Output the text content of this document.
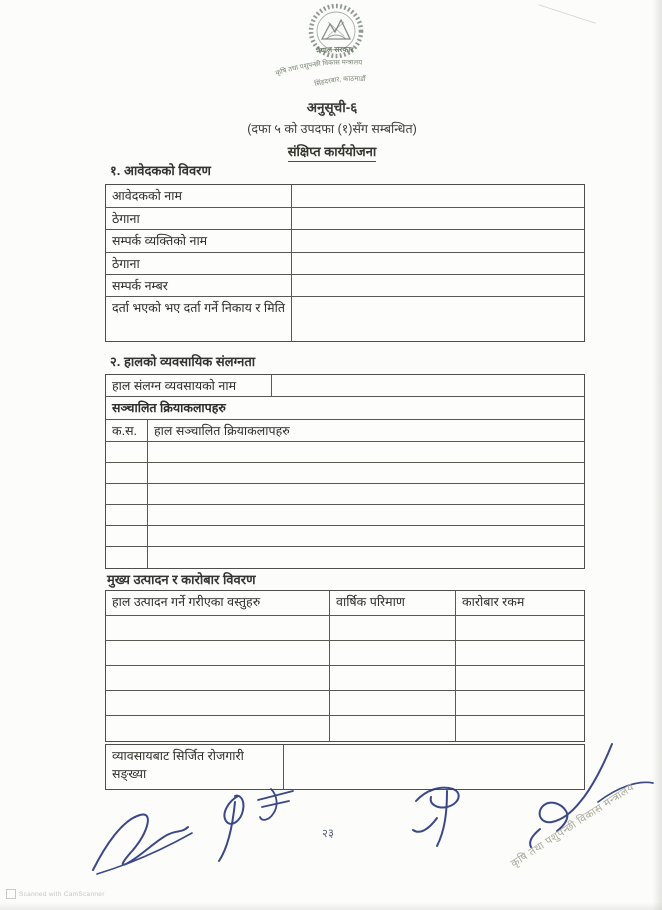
नेपाल सरकार
कृषि तथा पशुपन्छी विकास मन्त्रालय
सिंहदरबार, काठमाडौं
अनुसूची-६
(दफा ५ को उपदफा (१)सँग सम्बन्धित)
संक्षिप्त कार्ययोजना
१. आवेदकको विवरण
आवेदकको नाम
ठेगाना
सम्पर्क व्यक्तिको नाम
ठेगाना
सम्पर्क नम्बर
दर्ता भएको भए दर्ता गर्ने निकाय र मिति
२. हालको व्यवसायिक संलग्नता
हाल संलग्न व्यवसायको नाम
सञ्चालित क्रियाकलापहरु
क.स.	हाल सञ्चालित क्रियाकलापहरु
मुख्य उत्पादन र कारोबार विवरण
हाल उत्पादन गर्ने गरीएका वस्तुहरु	वार्षिक परिमाण	कारोबार रकम
व्यावसायबाट सिर्जित रोजगारी सङ्ख्या
२३	कृषि तथा पशुपन्छी विकास मन्त्रालय
Scanned with CamScanner
